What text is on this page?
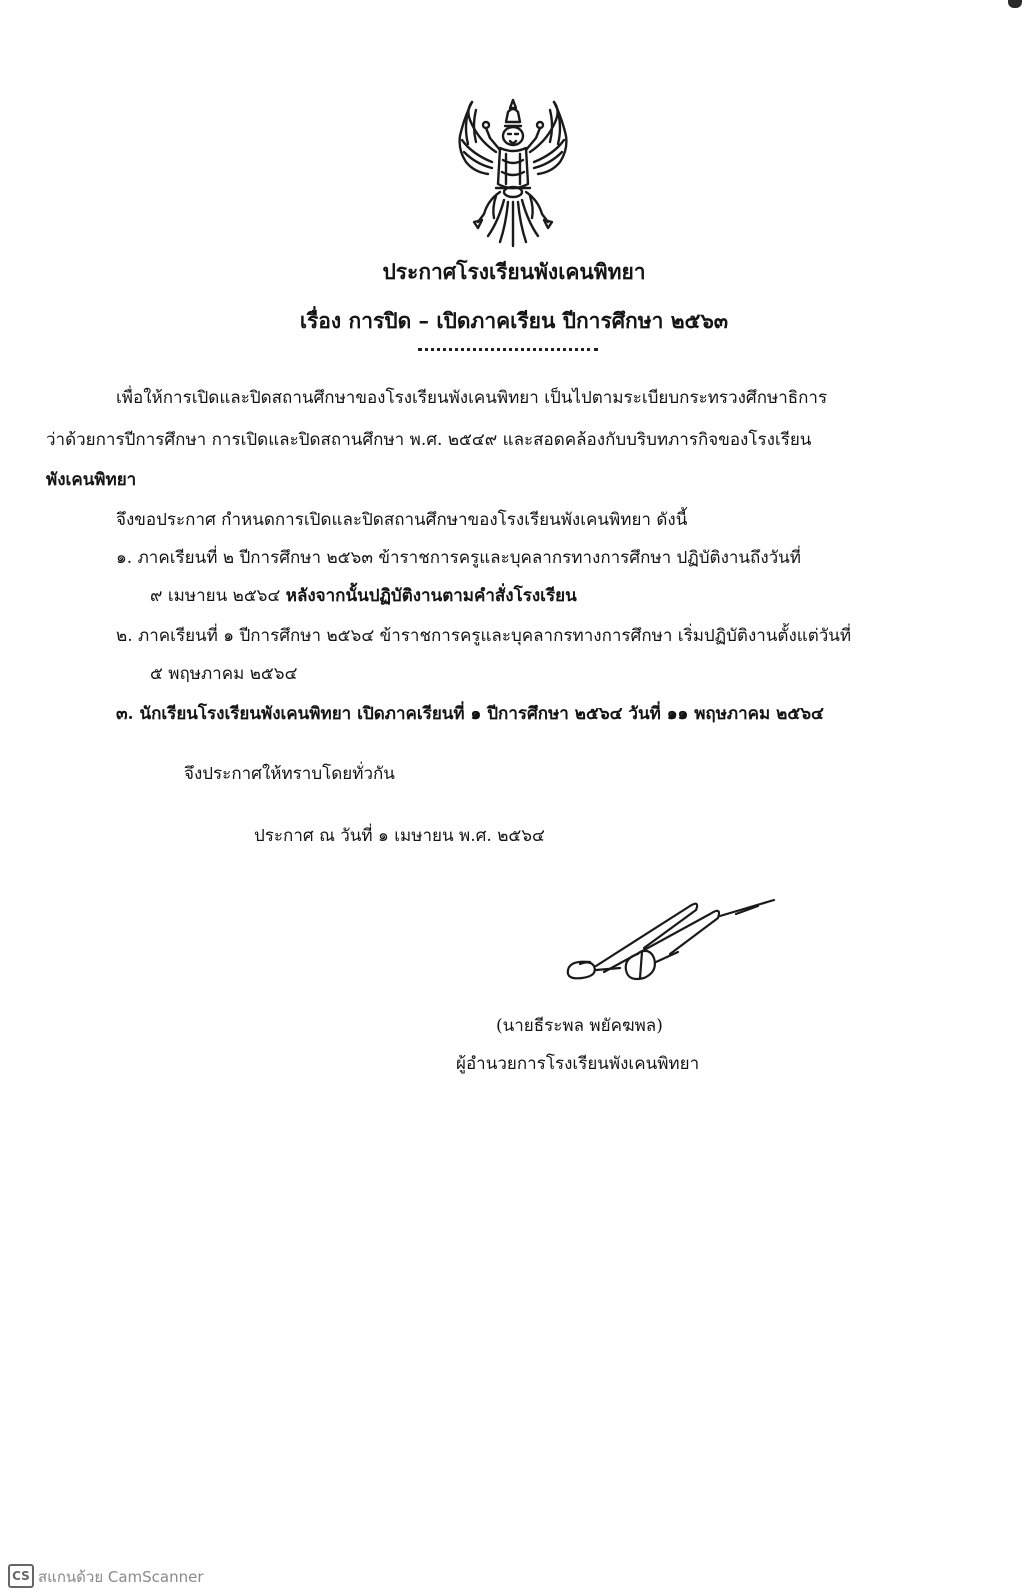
ประกาศโรงเรียนพังเคนพิทยา
เรื่อง การปิด – เปิดภาคเรียน ปีการศึกษา ๒๕๖๓
เพื่อให้การเปิดและปิดสถานศึกษาของโรงเรียนพังเคนพิทยา เป็นไปตามระเบียบกระทรวงศึกษาธิการ
ว่าด้วยการปีการศึกษา การเปิดและปิดสถานศึกษา พ.ศ. ๒๕๔๙ และสอดคล้องกับบริบทภารกิจของโรงเรียน
พังเคนพิทยา
จึงขอประกาศ กำหนดการเปิดและปิดสถานศึกษาของโรงเรียนพังเคนพิทยา ดังนี้
๑. ภาคเรียนที่ ๒ ปีการศึกษา ๒๕๖๓ ข้าราชการครูและบุคลากรทางการศึกษา ปฏิบัติงานถึงวันที่
๙ เมษายน ๒๕๖๔ หลังจากนั้นปฏิบัติงานตามคำสั่งโรงเรียน
๒. ภาคเรียนที่ ๑ ปีการศึกษา ๒๕๖๔ ข้าราชการครูและบุคลากรทางการศึกษา เริ่มปฏิบัติงานตั้งแต่วันที่
๕ พฤษภาคม ๒๕๖๔
๓. นักเรียนโรงเรียนพังเคนพิทยา เปิดภาคเรียนที่ ๑ ปีการศึกษา ๒๕๖๔ วันที่ ๑๑ พฤษภาคม ๒๕๖๔
จึงประกาศให้ทราบโดยทั่วกัน
ประกาศ ณ วันที่ ๑ เมษายน พ.ศ. ๒๕๖๔
(นายธีระพล พยัคฆพล)
ผู้อำนวยการโรงเรียนพังเคนพิทยา
CS สแกนด้วย CamScanner
